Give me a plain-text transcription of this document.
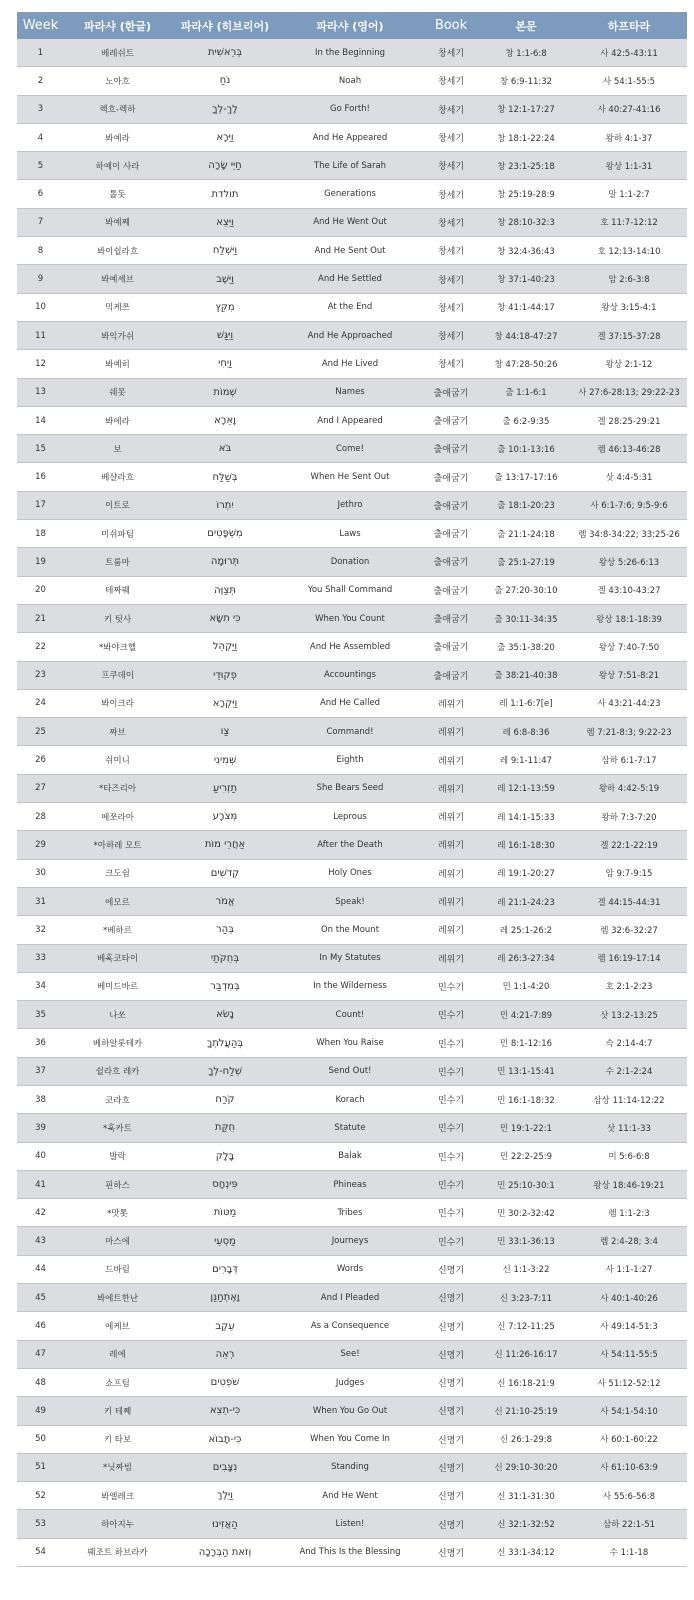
Week	파라샤 (한글)	파라샤 (히브리어)	파라샤 (영어)	Book	본문	하프타라
1	베레쉬트	בְּרֵאשִׁית	In the Beginning	창세기	창 1:1-6:8	사 42:5-43:11
2	노아흐	נֹחַ	Noah	창세기	창 6:9-11:32	사 54:1-55:5
3	렉흐-렉하	לֶךְ-לְךָ	Go Forth!	창세기	창 12:1-17:27	사 40:27-41:16
4	봐예라	וַיֵּרָא	And He Appeared	창세기	창 18:1-22:24	왕하 4:1-37
5	하예이 사라	חַיֵּי שָׂרָה	The Life of Sarah	창세기	창 23:1-25:18	왕상 1:1-31
6	톨돗	תולדת	Generations	창세기	창 25:19-28:9	말 1:1-2:7
7	봐예쩨	וַיֵּצֵא	And He Went Out	창세기	창 28:10-32:3	호 11:7-12:12
8	봐이쉴라흐	וַיִּשְׁלַח	And He Sent Out	창세기	창 32:4-36:43	호 12:13-14:10
9	봐예셰브	וַיֵּשֶׁב	And He Settled	창세기	창 37:1-40:23	암 2:6-3:8
10	믹케쯔	מִקֵּץ	At the End	창세기	창 41:1-44:17	왕상 3:15-4:1
11	봐익가쉬	וַיִּגַּשׁ	And He Approached	창세기	창 44:18-47:27	겔 37:15-37:28
12	봐예히	וַיְחִי	And He Lived	창세기	창 47:28-50:26	왕상 2:1-12
13	쉐못	שְׁמוֹת	Names	출애굽기	출 1:1-6:1	사 27:6-28:13; 29:22-23
14	봐에라	וָאֵרָא	And I Appeared	출애굽기	출 6:2-9:35	겔 28:25-29:21
15	보	בֹּא	Come!	출애굽기	출 10:1-13:16	렘 46:13-46:28
16	베샬라흐	בְּשַׁלַּח	When He Sent Out	출애굽기	출 13:17-17:16	삿 4:4-5:31
17	이트로	יִתְרוֹ	Jethro	출애굽기	출 18:1-20:23	사 6:1-7:6; 9:5-9:6
18	미쉬파팀	מִשְׁפָּטִים	Laws	출애굽기	출 21:1-24:18	렘 34:8-34:22; 33:25-26
19	트룸마	תְּרוּמָה	Donation	출애굽기	출 25:1-27:19	왕상 5:26-6:13
20	테짜붸	תְּצַוֶּה	You Shall Command	출애굽기	출 27:20-30:10	겔 43:10-43:27
21	키 팃사	כִּי תִשָּׂא	When You Count	출애굽기	출 30:11-34:35	왕상 18:1-18:39
22	*봐야크헬	וַיַּקְהֵל	And He Assembled	출애굽기	출 35:1-38:20	왕상 7:40-7:50
23	프쿠데이	פְקוּדֵי	Accountings	출애굽기	출 38:21-40:38	왕상 7:51-8:21
24	봐이크라	וַיִּקְרָא	And He Called	레위기	레 1:1-6:7[e]	사 43:21-44:23
25	짜브	צַו	Command!	레위기	레 6:8-8:36	렘 7:21-8:3; 9:22-23
26	쉬미니	שְּׁמִינִי	Eighth	레위기	레 9:1-11:47	삼하 6:1-7:17
27	*타즈리아	תַזְרִיעַ	She Bears Seed	레위기	레 12:1-13:59	왕하 4:42-5:19
28	메쪼라아	מְּצֹרָע	Leprous	레위기	레 14:1-15:33	왕하 7:3-7:20
29	*아하레 모트	אַחֲרֵי מוֹת	After the Death	레위기	레 16:1-18:30	겔 22:1-22:19
30	크도쉼	קְדֹשִׁים	Holy Ones	레위기	레 19:1-20:27	암 9:7-9:15
31	에모르	אֱמֹר	Speak!	레위기	레 21:1-24:23	겔 44:15-44:31
32	*베하르	בְּהַר	On the Mount	레위기	레 25:1-26:2	렘 32:6-32:27
33	베훅코타이	בְּחֻקֹּתַי	In My Statutes	레위기	레 26:3-27:34	렘 16:19-17:14
34	베미드바르	בְּמִדְבַּר	In the Wilderness	민수기	민 1:1-4:20	호 2:1-2:23
35	나쏘	נָשֹׂא	Count!	민수기	민 4:21-7:89	삿 13:2-13:25
36	베하알롯테카	בְּהַעֲלֹתְךָ	When You Raise	민수기	민 8:1-12:16	슥 2:14-4:7
37	쉴라흐 레카	שְׁלַח-לְךָ	Send Out!	민수기	민 13:1-15:41	수 2:1-2:24
38	코라흐	קֹרַח	Korach	민수기	민 16:1-18:32	삼상 11:14-12:22
39	*훅카트	חֻקַּת	Statute	민수기	민 19:1-22:1	삿 11:1-33
40	발락	בָּלָק	Balak	민수기	민 22:2-25:9	미 5:6-6:8
41	핀하스	פִּינְחָס	Phineas	민수기	민 25:10-30:1	왕상 18:46-19:21
42	*맛톳	מַטּוֹת	Tribes	민수기	민 30:2-32:42	렘 1:1-2:3
43	마스에	מַסְעֵי	Journeys	민수기	민 33:1-36:13	렘 2:4-28; 3:4
44	드바림	דְּבָרִים	Words	신명기	신 1:1-3:22	사 1:1-1:27
45	봐에트한난	וָאֶתְחַנַּן	And I Pleaded	신명기	신 3:23-7:11	사 40:1-40:26
46	에케브	עֵקֶב	As a Consequence	신명기	신 7:12-11:25	사 49:14-51:3
47	레에	רְאֵה	See!	신명기	신 11:26-16:17	사 54:11-55:5
48	쇼프팀	שֹׁפְטִים	Judges	신명기	신 16:18-21:9	사 51:12-52:12
49	키 테쩨	כִּי-תֵצֵא	When You Go Out	신명기	신 21:10-25:19	사 54:1-54:10
50	키 타보	כִּי-תָבוֹא	When You Come In	신명기	신 26:1-29:8	사 60:1-60:22
51	*닛짜빔	נִצָּבִים	Standing	신명기	신 29:10-30:20	사 61:10-63:9
52	봐엘레크	וַיֵּלֶךְ	And He Went	신명기	신 31:1-31:30	사 55:6-56:8
53	하아지누	הַאֲזִינוּ	Listen!	신명기	신 32:1-32:52	삼하 22:1-51
54	붸조트 하브라카	וְזֹאת הַבְּרָכָה	And This Is the Blessing	신명기	신 33:1-34:12	수 1:1-18
